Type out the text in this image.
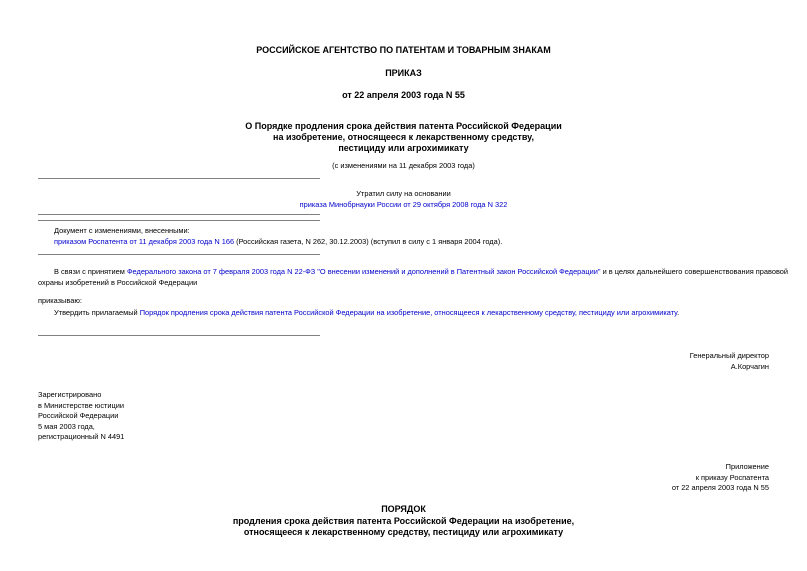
РОССИЙСКОЕ АГЕНТСТВО ПО ПАТЕНТАМ И ТОВАРНЫМ ЗНАКАМ
ПРИКАЗ
от 22 апреля 2003 года N 55
О Порядке продления срока действия патента Российской Федерации
на изобретение, относящееся к лекарственному средству,
пестициду или агрохимикату
(с изменениями на 11 декабря 2003 года)
Утратил силу на основании
приказа Минобрнауки России от 29 октября 2008 года N 322
Документ с изменениями, внесенными:
приказом Роспатента от 11 декабря 2003 года N 166 (Российская газета, N 262, 30.12.2003) (вступил в силу с 1 января 2004 года).
В связи с принятием Федерального закона от 7 февраля 2003 года N 22-ФЗ "О внесении изменений и дополнений в Патентный закон Российской Федерации" и в целях дальнейшего совершенствования правовой
охраны изобретений в Российской Федерации
приказываю:
Утвердить прилагаемый Порядок продления срока действия патента Российской Федерации на изобретение, относящееся к лекарственному средству, пестициду или агрохимикату.
Генеральный директор
А.Корчагин
Зарегистрировано
в Министерстве юстиции
Российской Федерации
5 мая 2003 года,
регистрационный N 4491
Приложение
к приказу Роспатента
от 22 апреля 2003 года N 55
ПОРЯДОК
продления срока действия патента Российской Федерации на изобретение,
относящееся к лекарственному средству, пестициду или агрохимикату
